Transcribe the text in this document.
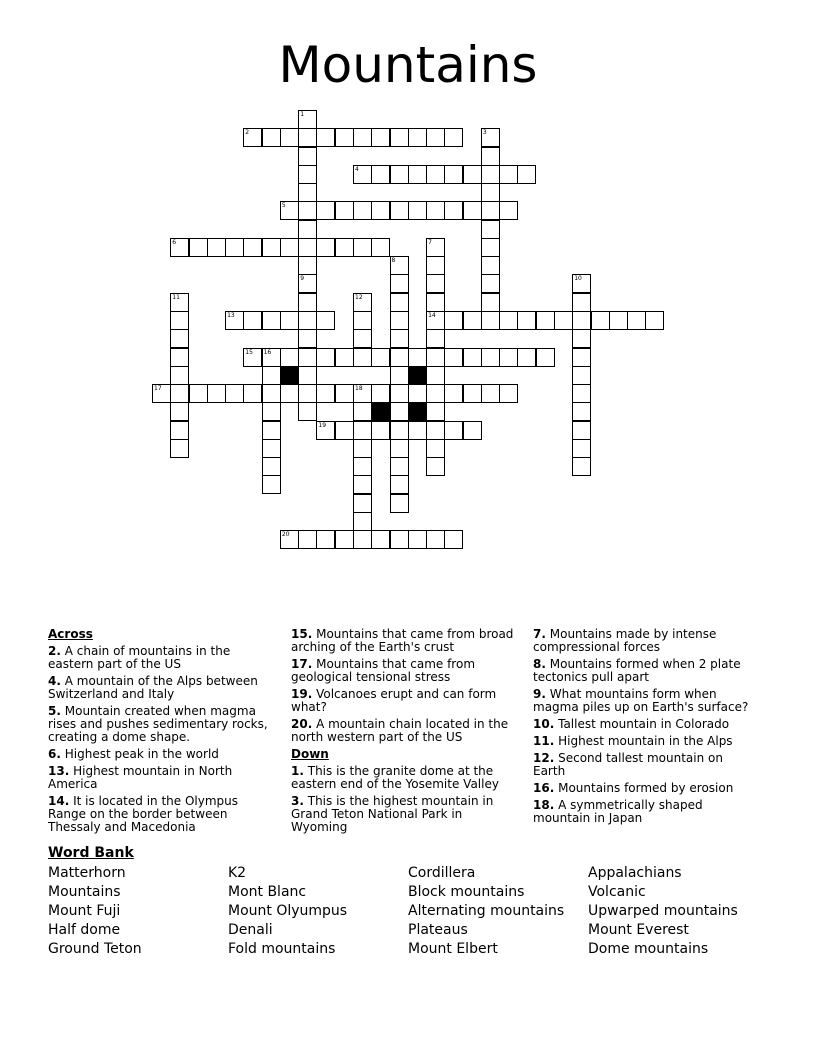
Mountains
2
4
5
6
13	14
15 16
17	18
19
20
1
9
3
7
8
10
11	12
Across
2. A chain of mountains in the eastern part of the US
4. A mountain of the Alps between Switzerland and Italy
5. Mountain created when magma rises and pushes sedimentary rocks, creating a dome shape.
6. Highest peak in the world
13. Highest mountain in North America
14. It is located in the Olympus Range on the border between Thessaly and Macedonia
15. Mountains that came from broad arching of the Earth's crust
17. Mountains that came from geological tensional stress
19. Volcanoes erupt and can form what?
20. A mountain chain located in the north western part of the US
Down
1. This is the granite dome at the eastern end of the Yosemite Valley
3. This is the highest mountain in Grand Teton National Park in Wyoming
7. Mountains made by intense compressional forces
8. Mountains formed when 2 plate tectonics pull apart
9. What mountains form when magma piles up on Earth's surface?
10. Tallest mountain in Colorado
11. Highest mountain in the Alps
12. Second tallest mountain on Earth
16. Mountains formed by erosion
18. A symmetrically shaped mountain in Japan
Word Bank
Matterhorn
Mountains
Mount Fuji
Half dome
Ground Teton
K2
Mont Blanc
Mount Olyumpus
Denali
Fold mountains
Cordillera
Block mountains
Alternating mountains
Plateaus
Mount Elbert
Appalachians
Volcanic
Upwarped mountains
Mount Everest
Dome mountains
